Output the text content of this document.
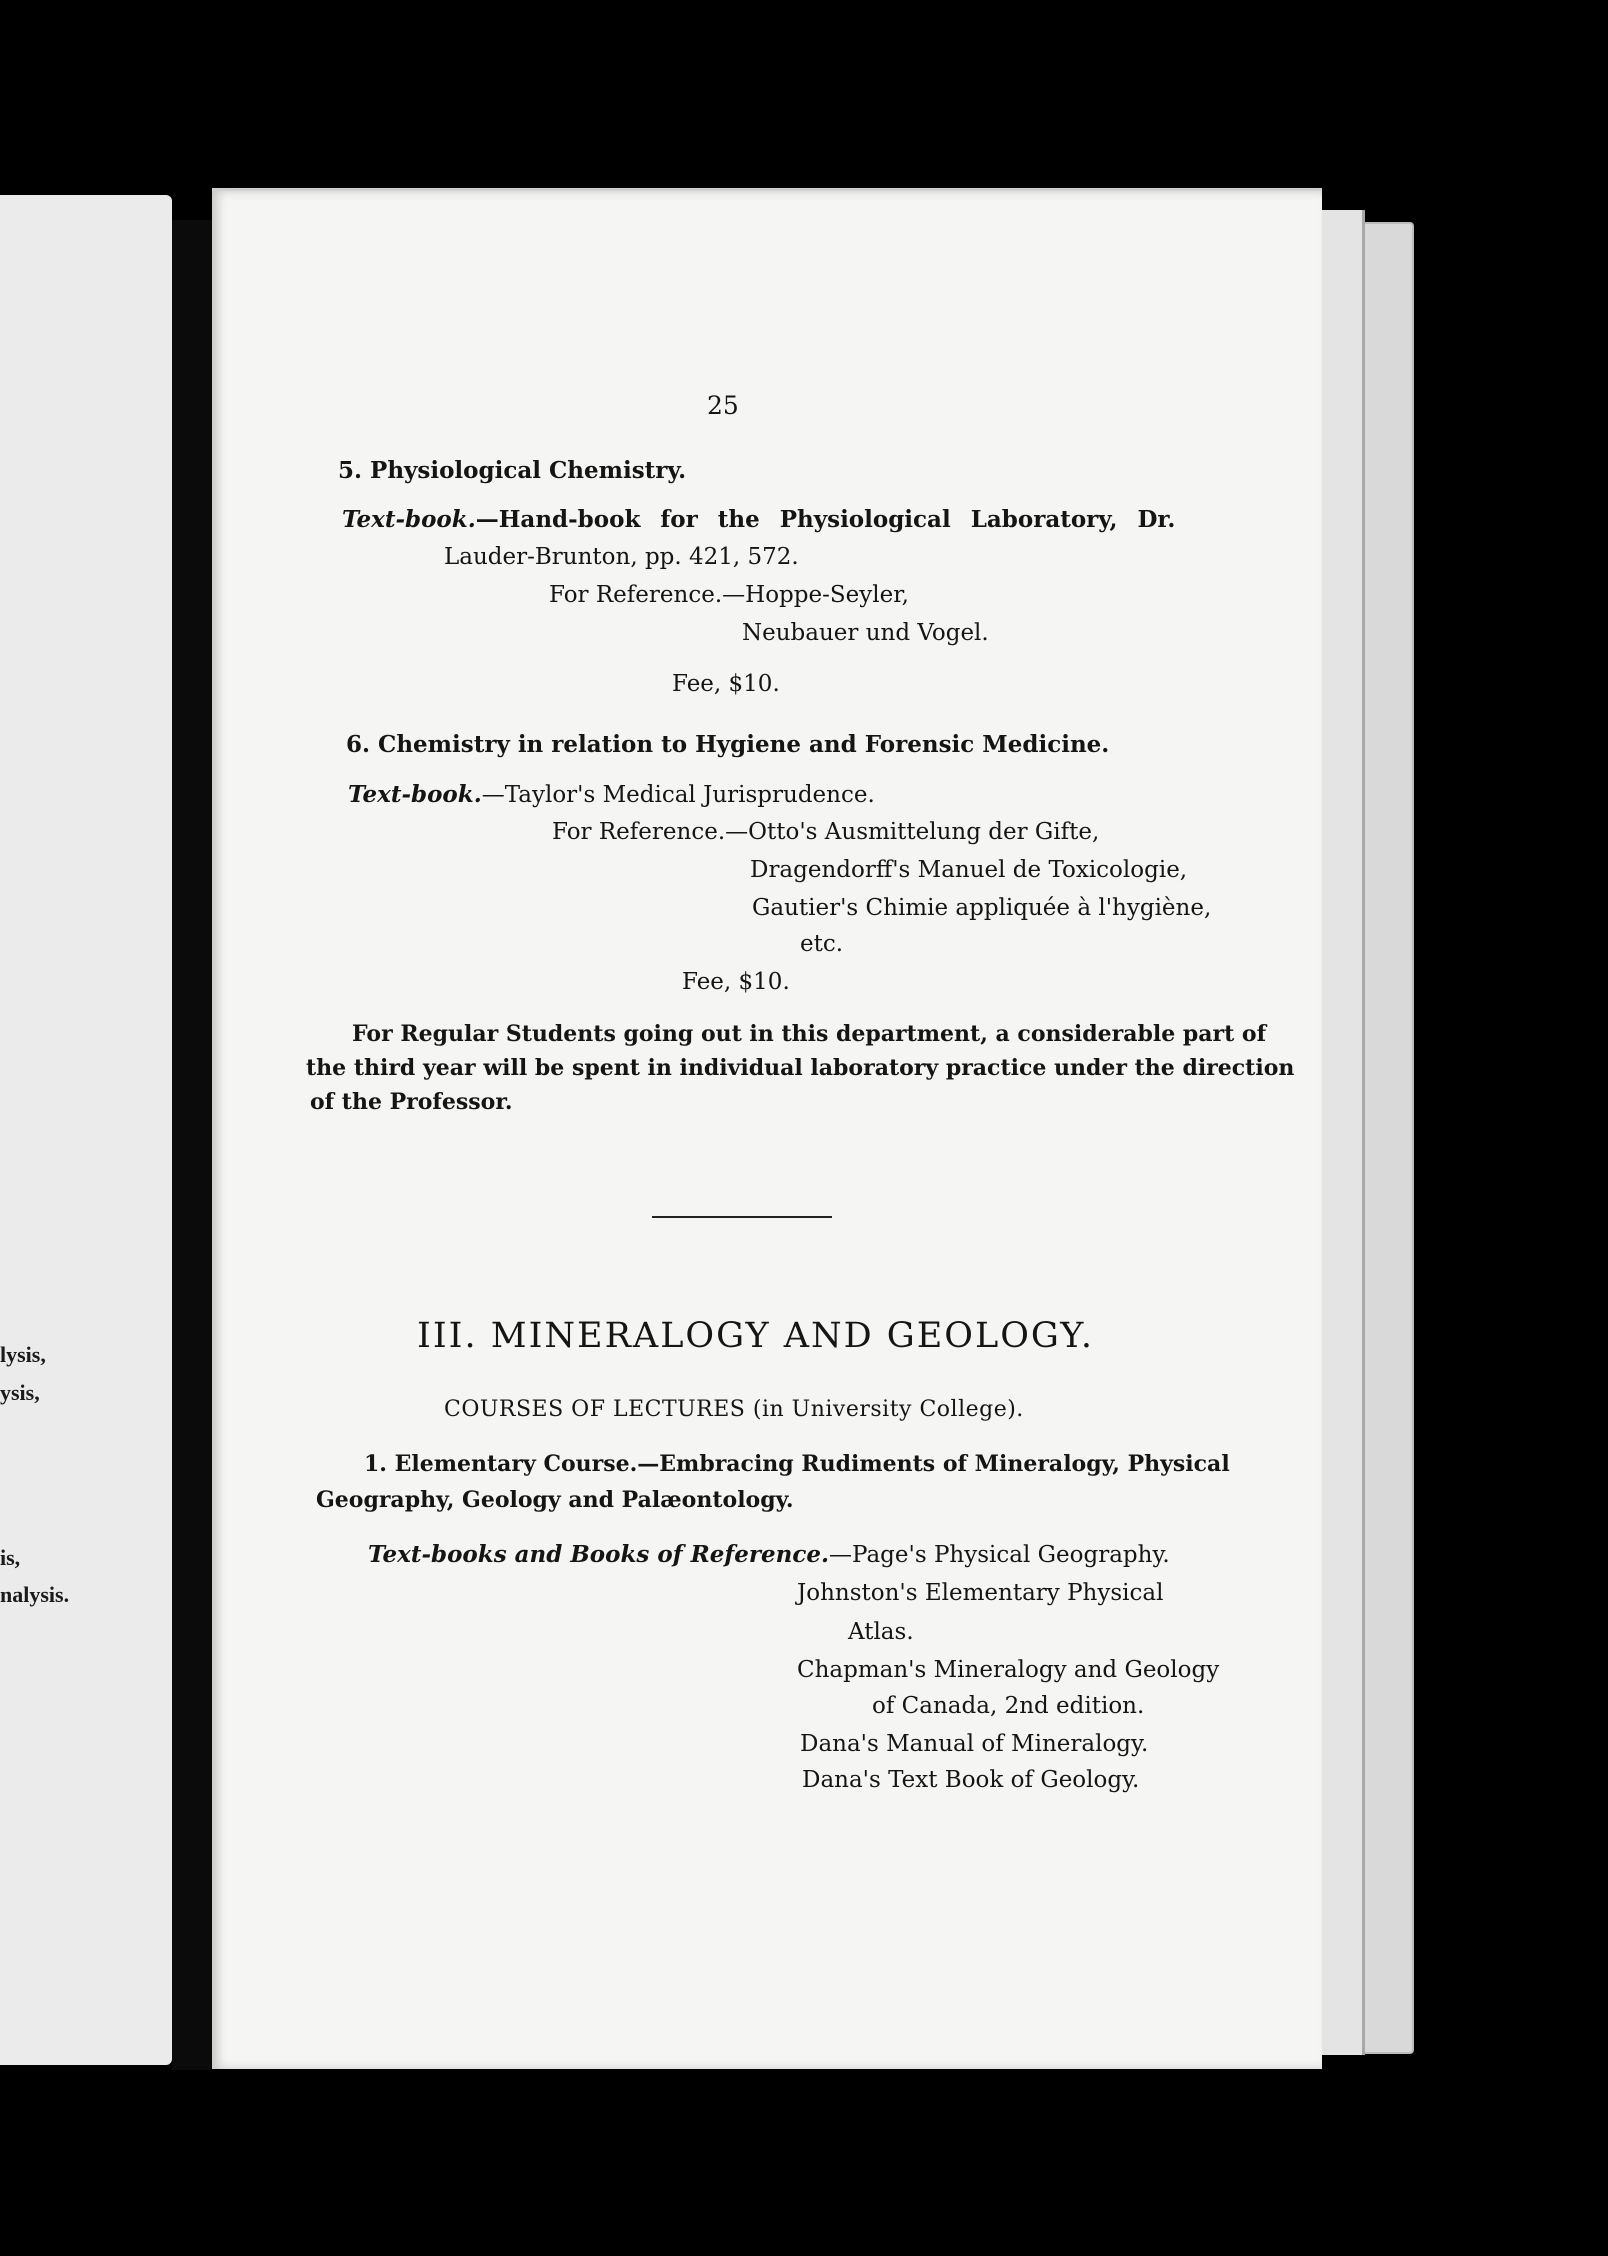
lysis,
ysis,
is,
nalysis.
25
5. Physiological Chemistry.
Text-book.—Hand-book for the Physiological Laboratory, Dr.
Lauder-Brunton, pp. 421, 572.
For Reference.—Hoppe-Seyler,
Neubauer und Vogel.
Fee, $10.
6. Chemistry in relation to Hygiene and Forensic Medicine.
Text-book.—Taylor's Medical Jurisprudence.
For Reference.—Otto's Ausmittelung der Gifte,
Dragendorff's Manuel de Toxicologie,
Gautier's Chimie appliquée à l'hygiène,
etc.
Fee, $10.
For Regular Students going out in this department, a considerable part of
the third year will be spent in individual laboratory practice under the direction
of the Professor.
III. MINERALOGY AND GEOLOGY.
COURSES OF LECTURES (in University College).
1. Elementary Course.—Embracing Rudiments of Mineralogy, Physical
Geography, Geology and Palæontology.
Text-books and Books of Reference.—Page's Physical Geography.
Johnston's Elementary Physical
Atlas.
Chapman's Mineralogy and Geology
of Canada, 2nd edition.
Dana's Manual of Mineralogy.
Dana's Text Book of Geology.
